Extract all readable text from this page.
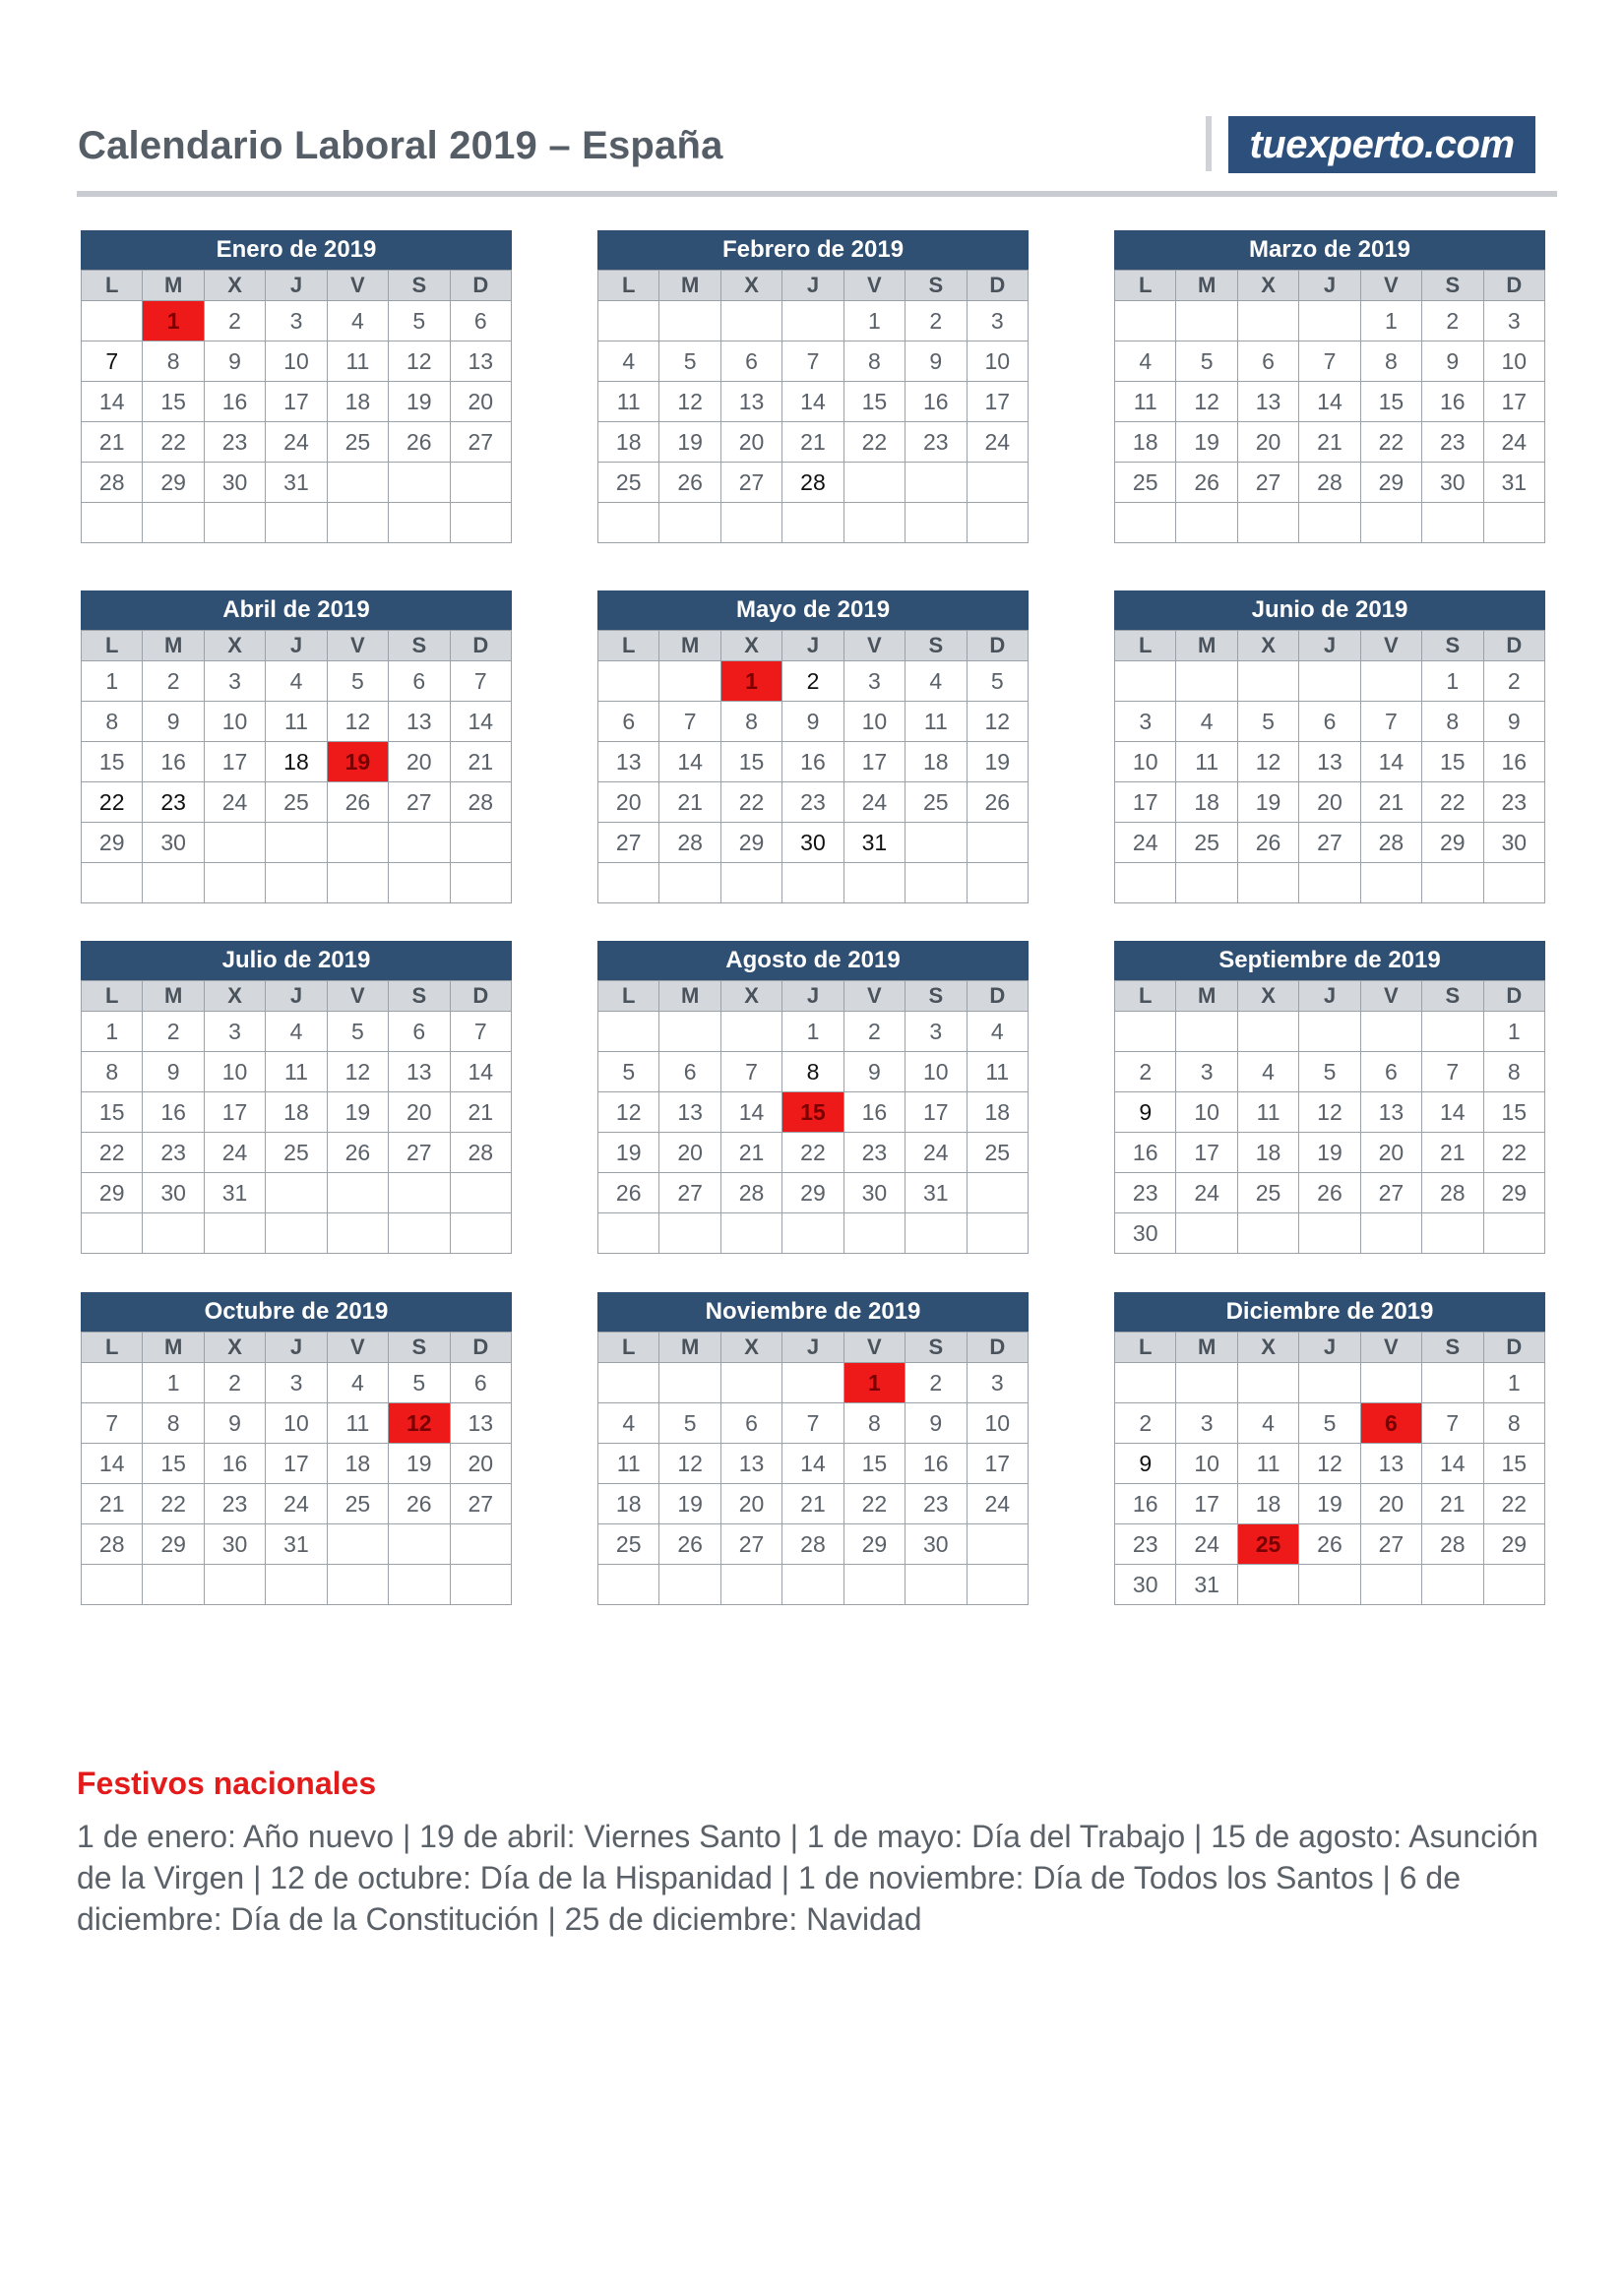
Calendario Laboral 2019 – España	tuexperto.com
Enero de 2019
L	M	X	J	V	S	D
	1	2	3	4	5	6
7	8	9	10	11	12	13
14	15	16	17	18	19	20
21	22	23	24	25	26	27
28	29	30	31			

Febrero de 2019
L	M	X	J	V	S	D
				1	2	3
4	5	6	7	8	9	10
11	12	13	14	15	16	17
18	19	20	21	22	23	24
25	26	27	28			

Marzo de 2019
L	M	X	J	V	S	D
				1	2	3
4	5	6	7	8	9	10
11	12	13	14	15	16	17
18	19	20	21	22	23	24
25	26	27	28	29	30	31

Abril de 2019
L	M	X	J	V	S	D
1	2	3	4	5	6	7
8	9	10	11	12	13	14
15	16	17	18	19	20	21
22	23	24	25	26	27	28
29	30					

Mayo de 2019
L	M	X	J	V	S	D
		1	2	3	4	5
6	7	8	9	10	11	12
13	14	15	16	17	18	19
20	21	22	23	24	25	26
27	28	29	30	31		

Junio de 2019
L	M	X	J	V	S	D
					1	2
3	4	5	6	7	8	9
10	11	12	13	14	15	16
17	18	19	20	21	22	23
24	25	26	27	28	29	30

Julio de 2019
L	M	X	J	V	S	D
1	2	3	4	5	6	7
8	9	10	11	12	13	14
15	16	17	18	19	20	21
22	23	24	25	26	27	28
29	30	31				

Agosto de 2019
L	M	X	J	V	S	D
			1	2	3	4
5	6	7	8	9	10	11
12	13	14	15	16	17	18
19	20	21	22	23	24	25
26	27	28	29	30	31	

Septiembre de 2019
L	M	X	J	V	S	D
						1
2	3	4	5	6	7	8
9	10	11	12	13	14	15
16	17	18	19	20	21	22
23	24	25	26	27	28	29
30						
Octubre de 2019
L	M	X	J	V	S	D
	1	2	3	4	5	6
7	8	9	10	11	12	13
14	15	16	17	18	19	20
21	22	23	24	25	26	27
28	29	30	31			

Noviembre de 2019
L	M	X	J	V	S	D
				1	2	3
4	5	6	7	8	9	10
11	12	13	14	15	16	17
18	19	20	21	22	23	24
25	26	27	28	29	30	

Diciembre de 2019
L	M	X	J	V	S	D
						1
2	3	4	5	6	7	8
9	10	11	12	13	14	15
16	17	18	19	20	21	22
23	24	25	26	27	28	29
30	31					
Festivos nacionales
1 de enero: Año nuevo | 19 de abril: Viernes Santo | 1 de mayo: Día del Trabajo | 15 de agosto: Asunción de la Virgen | 12 de octubre: Día de la Hispanidad | 1 de noviembre: Día de Todos los Santos | 6 de diciembre: Día de la Constitución | 25 de diciembre: Navidad
